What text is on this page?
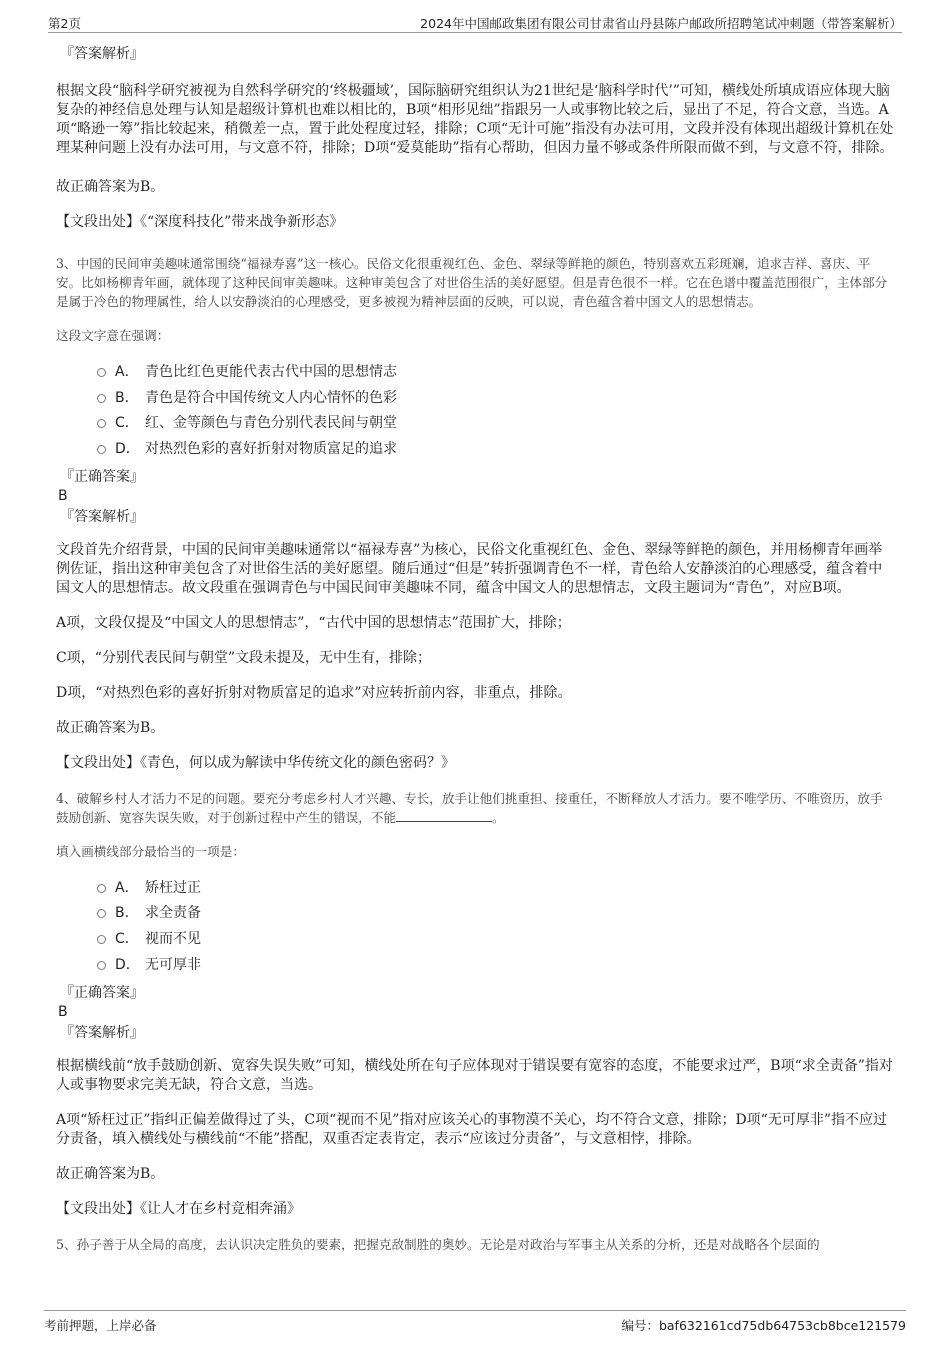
第2页	2024年中国邮政集团有限公司甘肃省山丹县陈户邮政所招聘笔试冲刺题（带答案解析）
『答案解析』

根据文段“脑科学研究被视为自然科学研究的‘终极疆域’，国际脑研究组织认为21世纪是‘脑科学时代’”可知，横线处所填成语应体现大脑复杂的神经信息处理与认知是超级计算机也难以相比的，B项“相形见绌”指跟另一人或事物比较之后，显出了不足，符合文意，当选。A项“略逊一筹”指比较起来，稍微差一点，置于此处程度过轻，排除；C项“无计可施”指没有办法可用，文段并没有体现出超级计算机在处理某种问题上没有办法可用，与文意不符，排除；D项“爱莫能助”指有心帮助，但因力量不够或条件所限而做不到，与文意不符，排除。

故正确答案为B。

【文段出处】《“深度科技化”带来战争新形态》

3、中国的民间审美趣味通常围绕“福禄寿喜”这一核心。民俗文化很重视红色、金色、翠绿等鲜艳的颜色，特别喜欢五彩斑斓，追求吉祥、喜庆、平安。比如杨柳青年画，就体现了这种民间审美趣味。这种审美包含了对世俗生活的美好愿望。但是青色很不一样。它在色谱中覆盖范围很广，主体部分是属于冷色的物理属性，给人以安静淡泊的心理感受，更多被视为精神层面的反映，可以说，青色蕴含着中国文人的思想情志。

这段文字意在强调：

A． 青色比红色更能代表古代中国的思想情志
B． 青色是符合中国传统文人内心情怀的色彩
C． 红、金等颜色与青色分别代表民间与朝堂
D． 对热烈色彩的喜好折射对物质富足的追求
『正确答案』
B
『答案解析』

文段首先介绍背景，中国的民间审美趣味通常以“福禄寿喜”为核心，民俗文化重视红色、金色、翠绿等鲜艳的颜色，并用杨柳青年画举例佐证，指出这种审美包含了对世俗生活的美好愿望。随后通过“但是”转折强调青色不一样，青色给人安静淡泊的心理感受，蕴含着中国文人的思想情志。故文段重在强调青色与中国民间审美趣味不同，蕴含中国文人的思想情志，文段主题词为“青色”，对应B项。

A项，文段仅提及“中国文人的思想情志”，“古代中国的思想情志”范围扩大，排除；

C项，“分别代表民间与朝堂”文段未提及，无中生有，排除；

D项，“对热烈色彩的喜好折射对物质富足的追求”对应转折前内容，非重点，排除。

故正确答案为B。

【文段出处】《青色，何以成为解读中华传统文化的颜色密码？》

4、破解乡村人才活力不足的问题。要充分考虑乡村人才兴趣、专长，放手让他们挑重担、接重任，不断释放人才活力。要不唯学历、不唯资历，放手鼓励创新、宽容失误失败，对于创新过程中产生的错误，不能	。

填入画横线部分最恰当的一项是：

A． 矫枉过正
B． 求全责备
C． 视而不见
D． 无可厚非
『正确答案』
B
『答案解析』

根据横线前“放手鼓励创新、宽容失误失败”可知，横线处所在句子应体现对于错误要有宽容的态度，不能要求过严，B项“求全责备”指对人或事物要求完美无缺，符合文意，当选。

A项“矫枉过正”指纠正偏差做得过了头，C项“视而不见”指对应该关心的事物漠不关心，均不符合文意，排除；D项“无可厚非”指不应过分责备，填入横线处与横线前“不能”搭配，双重否定表肯定，表示“应该过分责备”，与文意相悖，排除。

故正确答案为B。

【文段出处】《让人才在乡村竞相奔涌》

5、孙子善于从全局的高度，去认识决定胜负的要素，把握克敌制胜的奥妙。无论是对政治与军事主从关系的分析，还是对战略各个层面的

考前押题，上岸必备	编号：baf632161cd75db64753cb8bce121579
